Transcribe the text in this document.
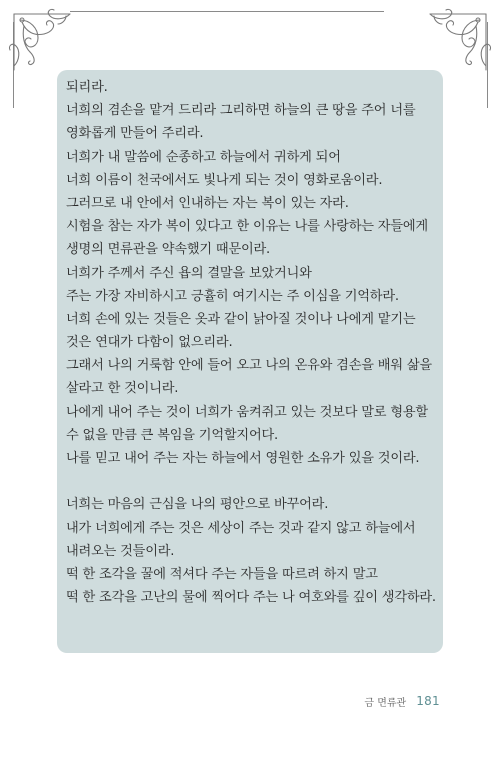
되리라.
너희의 겸손을 맡겨 드리라 그리하면 하늘의 큰 땅을 주어 너를
영화롭게 만들어 주리라.
너희가 내 말씀에 순종하고 하늘에서 귀하게 되어
너희 이름이 천국에서도 빛나게 되는 것이 영화로움이라.
그러므로 내 안에서 인내하는 자는 복이 있는 자라.
시험을 참는 자가 복이 있다고 한 이유는 나를 사랑하는 자들에게
생명의 면류관을 약속했기 때문이라.
너희가 주께서 주신 욥의 결말을 보았거니와
주는 가장 자비하시고 긍휼히 여기시는 주 이심을 기억하라.
너희 손에 있는 것들은 옷과 같이 낡아질 것이나 나에게 맡기는
것은 연대가 다함이 없으리라.
그래서 나의 거룩함 안에 들어 오고 나의 온유와 겸손을 배워 삶을
살라고 한 것이니라.
나에게 내어 주는 것이 너희가 움켜쥐고 있는 것보다 말로 형용할
수 없을 만큼 큰 복임을 기억할지어다.
나를 믿고 내어 주는 자는 하늘에서 영원한 소유가 있을 것이라.
너희는 마음의 근심을 나의 평안으로 바꾸어라.
내가 너희에게 주는 것은 세상이 주는 것과 같지 않고 하늘에서
내려오는 것들이라.
떡 한 조각을 꿀에 적셔다 주는 자들을 따르려 하지 말고
떡 한 조각을 고난의 물에 찍어다 주는 나 여호와를 깊이 생각하라.
금 면류관 181
